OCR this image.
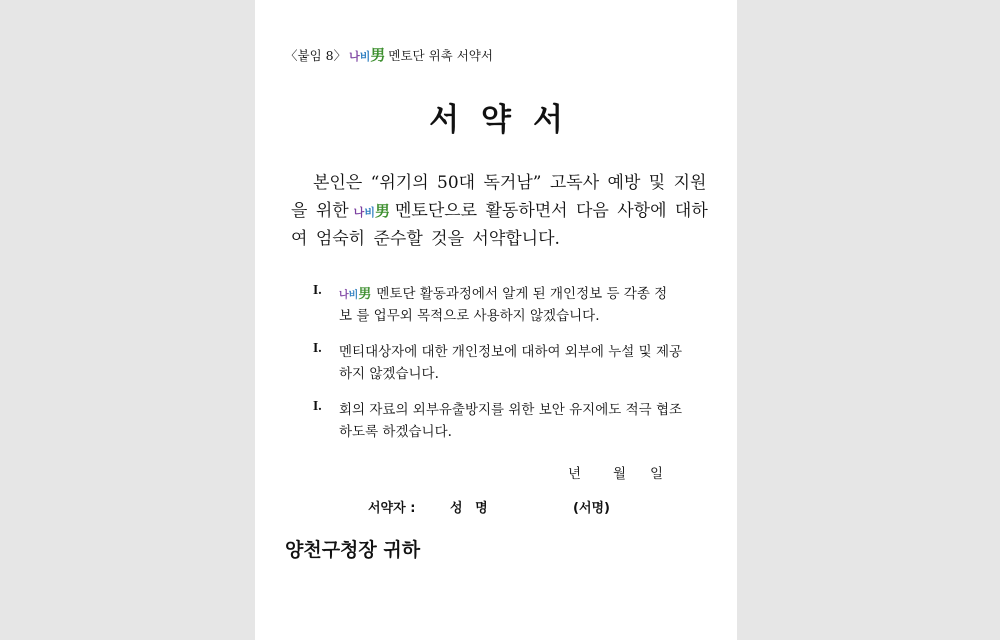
〈붙임 8〉 나 비 男 멘토단 위촉 서약서
서약서
본인은 “위기의 50대 독거남” 고독사 예방 및 지원
을 위한 나 비 男 멘토단으로 활동하면서 다음 사항에 대하
여 엄숙히 준수할 것을 서약합니다.
I. 나 비 男 멘토단 활동과정에서 알게 된 개인정보 등 각종 정
보 를 업무외 목적으로 사용하지 않겠습니다.
I. 멘티대상자에 대한 개인정보에 대하여 외부에 누설 및 제공
하지 않겠습니다.
I. 회의 자료의 외부유출방지를 위한 보안 유지에도 적극 협조
하도록 하겠습니다.
년 월 일
서약자 :	성 명	(서명)
양천구청장 귀하
